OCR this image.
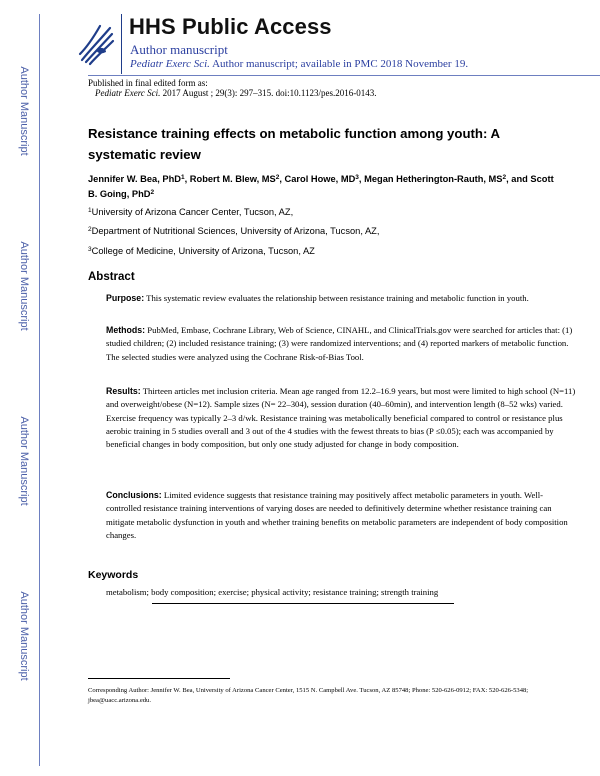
Author Manuscript
Author Manuscript
Author Manuscript
Author Manuscript
HHS Public Access
Author manuscript
Pediatr Exerc Sci. Author manuscript; available in PMC 2018 November 19.
Published in final edited form as:
Pediatr Exerc Sci. 2017 August ; 29(3): 297–315. doi:10.1123/pes.2016-0143.
Resistance training effects on metabolic function among youth: A systematic review
Jennifer W. Bea, PhD$^1$, Robert M. Blew, $MS^2$, Carol Howe, $MD^3$, Megan Hetherington-Rauth, $MS^2$, and Scott B. Going, PhD$^2$
$^1$University of Arizona Cancer Center, Tucson, AZ,
$^2$Department of Nutritional Sciences, University of Arizona, Tucson, AZ,
$^3$College of Medicine, University of Arizona, Tucson, AZ
Abstract
Purpose: This systematic review evaluates the relationship between resistance training and metabolic function in youth.
Methods: PubMed, Embase, Cochrane Library, Web of Science, CINAHL, and ClinicalTrials.gov were searched for articles that: (1) studied children; (2) included resistance training; (3) were randomized interventions; and (4) reported markers of metabolic function. The selected studies were analyzed using the Cochrane Risk-of-Bias Tool.
Results: Thirteen articles met inclusion criteria. Mean age ranged from 12.2–16.9 years, but most were limited to high school (N=11) and overweight/obese (N=12). Sample sizes (N= 22–304), session duration (40–60min), and intervention length (8–52 wks) varied. Exercise frequency was typically 2–3 d/wk. Resistance training was metabolically beneficial compared to control or resistance plus aerobic training in 5 studies overall and 3 out of the 4 studies with the fewest threats to bias (P ≤0.05); each was accompanied by beneficial changes in body composition, but only one study adjusted for change in body composition.
Conclusions: Limited evidence suggests that resistance training may positively affect metabolic parameters in youth. Well-controlled resistance training interventions of varying doses are needed to definitively determine whether resistance training can mitigate metabolic dysfunction in youth and whether training benefits on metabolic parameters are independent of body composition changes.
Keywords
metabolism; body composition; exercise; physical activity; resistance training; strength training
Corresponding Author: Jennifer W. Bea, University of Arizona Cancer Center, 1515 N. Campbell Ave. Tucson, AZ 85748; Phone: 520-626-0912; FAX: 520-626-5348; jbea@uacc.arizona.edu.
